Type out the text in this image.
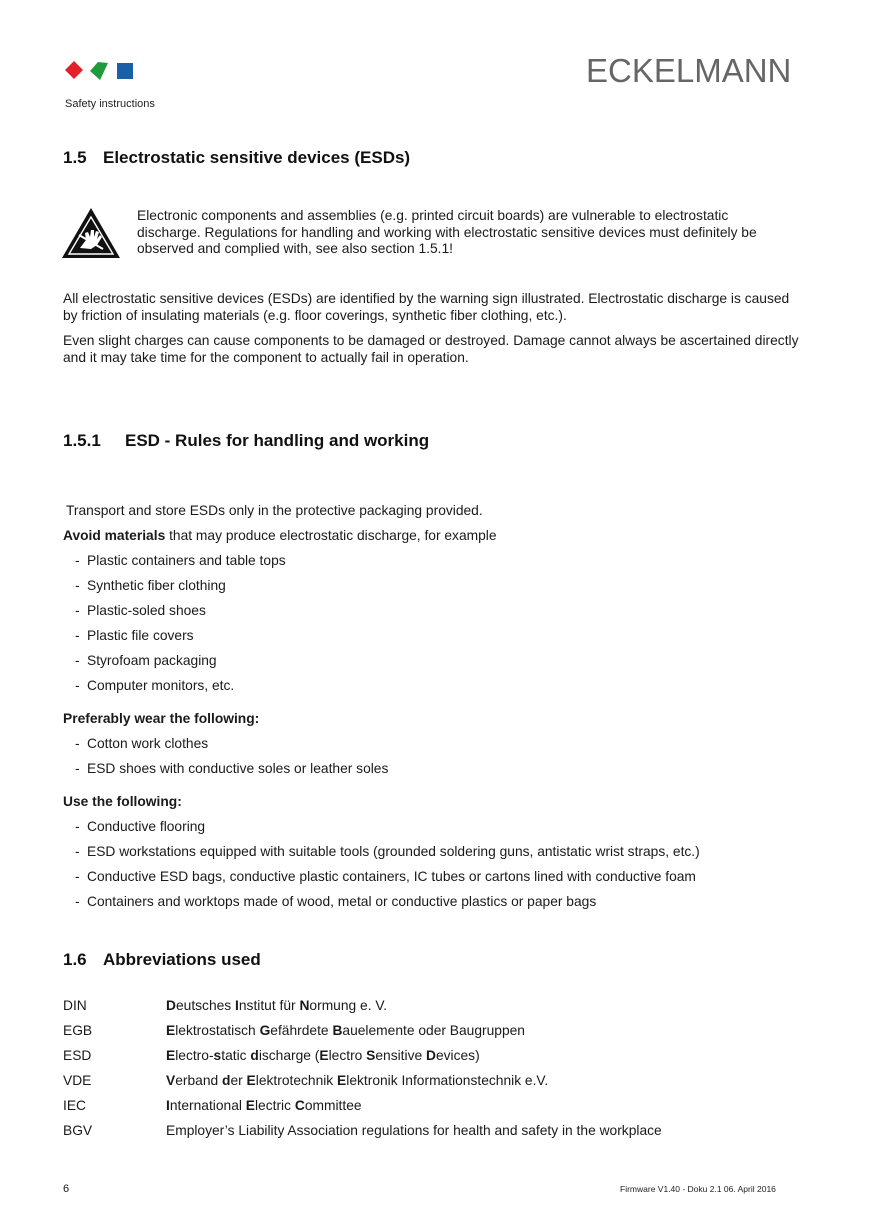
Safety instructions
ECKELMANN
1.5 Electrostatic sensitive devices (ESDs)
Electronic components and assemblies (e.g. printed circuit boards) are vulnerable to electrostatic discharge. Regulations for handling and working with electrostatic sensitive devices must definitely be observed and complied with, see also section 1.5.1!
All electrostatic sensitive devices (ESDs) are identified by the warning sign illustrated. Electrostatic discharge is caused by friction of insulating materials (e.g. floor coverings, synthetic fiber clothing, etc.).
Even slight charges can cause components to be damaged or destroyed. Damage cannot always be ascertained directly and it may take time for the component to actually fail in operation.
1.5.1 ESD - Rules for handling and working
Transport and store ESDs only in the protective packaging provided.
Avoid materials that may produce electrostatic discharge, for example
- Plastic containers and table tops
- Synthetic fiber clothing
- Plastic-soled shoes
- Plastic file covers
- Styrofoam packaging
- Computer monitors, etc.
Preferably wear the following:
- Cotton work clothes
- ESD shoes with conductive soles or leather soles
Use the following:
- Conductive flooring
- ESD workstations equipped with suitable tools (grounded soldering guns, antistatic wrist straps, etc.)
- Conductive ESD bags, conductive plastic containers, IC tubes or cartons lined with conductive foam
- Containers and worktops made of wood, metal or conductive plastics or paper bags
1.6 Abbreviations used
DIN	Deutsches Institut für Normung e. V.
EGB	Elektrostatisch Gefährdete Bauelemente oder Baugruppen
ESD	Electro-static discharge (Electro Sensitive Devices)
VDE	Verband der Elektrotechnik Elektronik Informationstechnik e.V.
IEC	International Electric Committee
BGV	Employer’s Liability Association regulations for health and safety in the workplace
6	Firmware V1.40 - Doku 2.1 06. April 2016
